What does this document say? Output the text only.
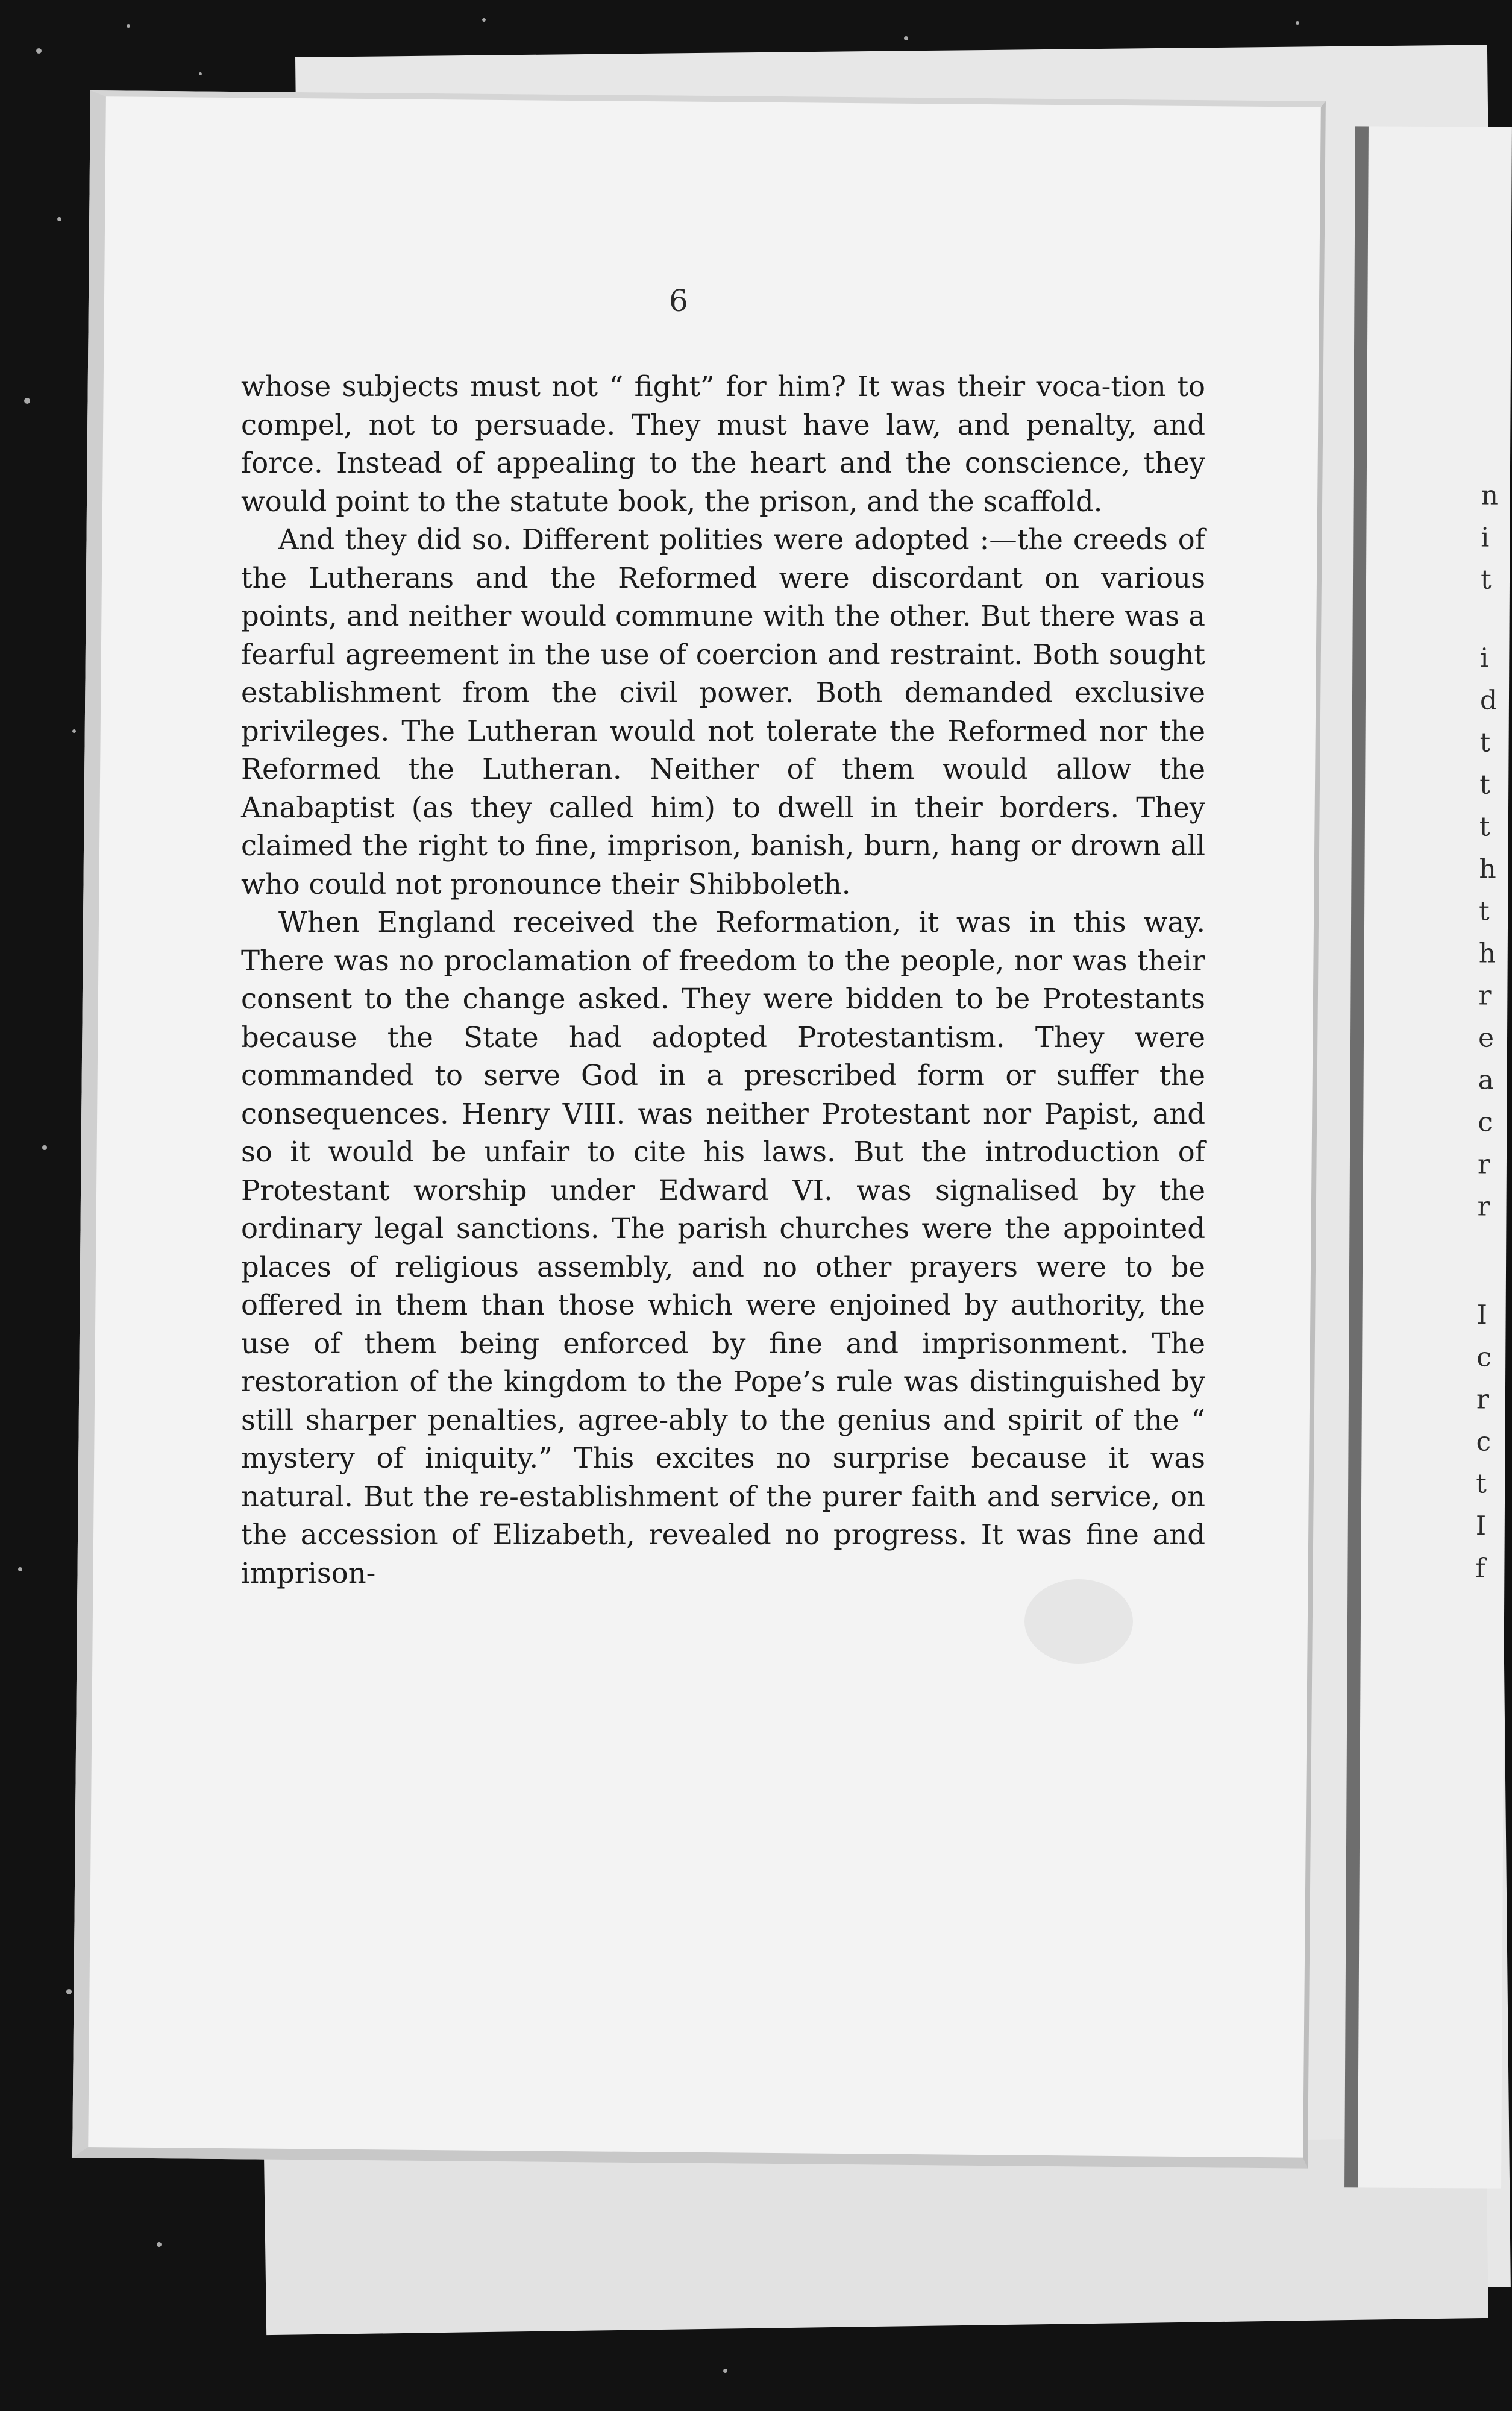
n
i
t
i
d
t
t
t
h
t
h
r
e
a
c
r
r
I
c
r
c
t
I
f
6

whose subjects must not “ fight” for him? It was their voca-tion to compel, not to persuade. They must have law, and penalty, and force. Instead of appealing to the heart and the conscience, they would point to the statute book, the prison, and the scaffold.

And they did so. Different polities were adopted :—the creeds of the Lutherans and the Reformed were discordant on various points, and neither would commune with the other. But there was a fearful agreement in the use of coercion and restraint. Both sought establishment from the civil power. Both demanded exclusive privileges. The Lutheran would not tolerate the Reformed nor the Reformed the Lutheran. Neither of them would allow the Anabaptist (as they called him) to dwell in their borders. They claimed the right to fine, imprison, banish, burn, hang or drown all who could not pronounce their Shibboleth.

When England received the Reformation, it was in this way. There was no proclamation of freedom to the people, nor was their consent to the change asked. They were bidden to be Protestants because the State had adopted Protestantism. They were commanded to serve God in a prescribed form or suffer the consequences. Henry VIII. was neither Protestant nor Papist, and so it would be unfair to cite his laws. But the introduction of Protestant worship under Edward VI. was signalised by the ordinary legal sanctions. The parish churches were the appointed places of religious assembly, and no other prayers were to be offered in them than those which were enjoined by authority, the use of them being enforced by fine and imprisonment. The restoration of the kingdom to the Pope’s rule was distinguished by still sharper penalties, agree-ably to the genius and spirit of the “ mystery of iniquity.” This excites no surprise because it was natural. But the re-establishment of the purer faith and service, on the accession of Elizabeth, revealed no progress. It was fine and imprison-
